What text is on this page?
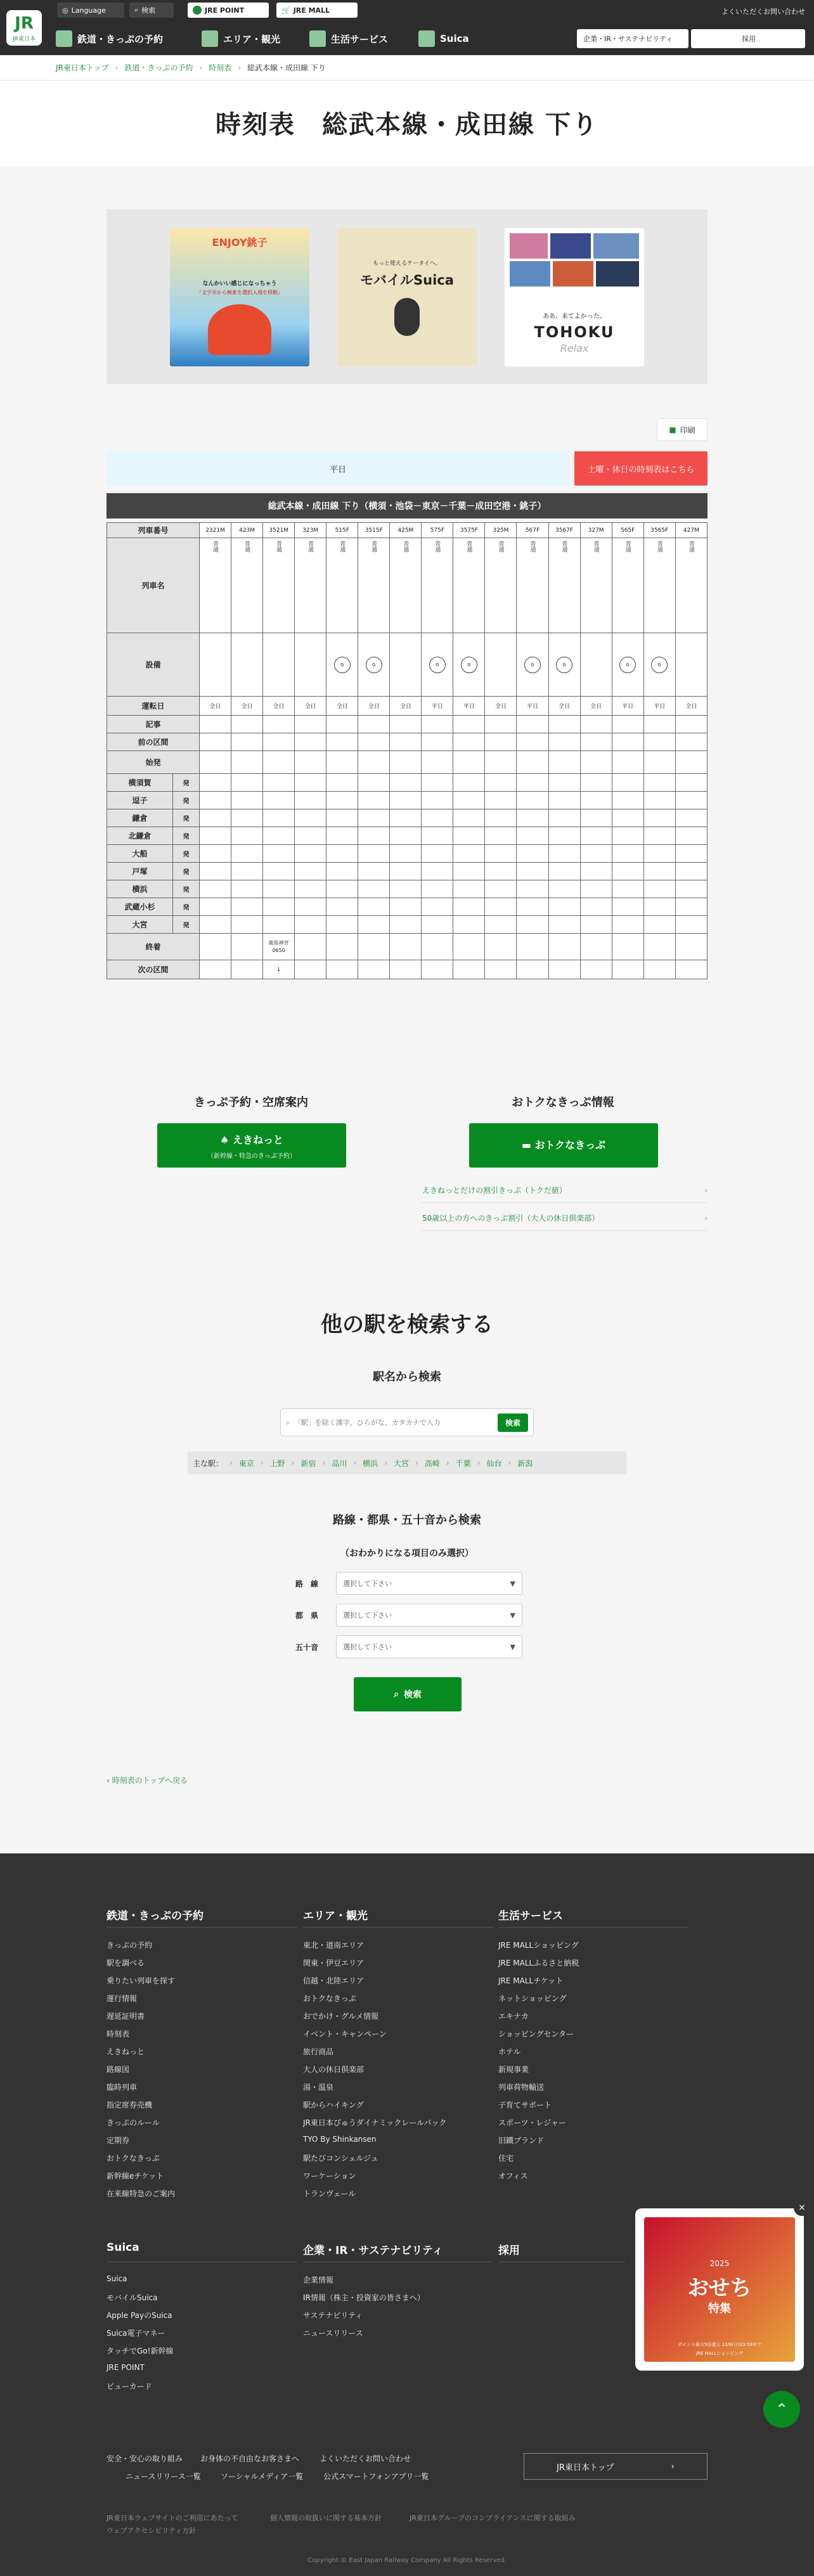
JR
JR東日本
◎ Language	⌕ 検索	JRE POINT	🛒 JRE MALL	よくいただくお問い合わせ
鉄道・きっぷの予約	エリア・観光	生活サービス	Suica	企業・IR・サステナビリティ	採用
JR東日本トップ › 鉄道・きっぷの予約 › 時刻表 › 総武本線・成田線 下り
時刻表　総武本線・成田線 下り
ENJOY銚子
なんかいい感じになっちゃう
「文字市から検索を選択入場を移動」
もっと使えるケータイへ。
モバイルSuica
ああ、来てよかった。
TOHOKU
Relax
■ 印刷
平日	土曜・休日の時刻表はこちら
総武本線・成田線 下り（横須・池袋－東京－千葉－成田空港・銚子）
列車番号		2321M	423M	3521M	323M	515F	3515F	425M	575F	3575F	325M	567F	3567F	327M	565F	3565F	427M
列車名		普通	普通	普通	普通	普通	普通	普通	普通	普通	普通	普通	普通	普通	普通	普通	普通
設備						G	G		G	G		G	G		G	G	
運転日		全日	全日	全日	全日	全日	全日	全日	平日	平日	全日	平日	全日	全日	平日	平日	全日
記事																	
前の区間																	
始発																	
横須賀	発																
逗子	発																
鎌倉	発																
北鎌倉	発																
大船	発																
戸塚	発																
横浜	発																
武蔵小杉	発																
大宮	発																
終着				鹿島神宮
0650													

次の区間				↓													
きっぷ予約・空席案内	おトクなきっぷ情報
♠ えきねっと
（新幹線・特急のきっぷ予約）
▬ おトクなきっぷ
えきねっとだけの割引きっぷ（トクだ値）	›
50歳以上の方へのきっぷ割引（大人の休日倶楽部）	›
他の駅を検索する
駅名から検索
⌕
「駅」を除く漢字、ひらがな、カタカナで入力	検索
主な駅： › 東京 › 上野 › 新宿 › 品川 › 横浜 › 大宮 › 高崎 › 千葉 › 仙台 › 新潟
路線・都県・五十音から検索
（おわかりになる項目のみ選択）
路　線	選択して下さい	▼
都　県	選択して下さい	▼
五十音	選択して下さい	▼
⌕ 検索
‹ 時刻表のトップへ戻る
鉄道・きっぷの予約	エリア・観光	生活サービス
Suica	企業・IR・サステナビリティ	採用
安全・安心の取り組み お身体の不自由なお客さまへ	よくいただくお問い合わせ
ニュースリリース一覧	ソーシャルメディア一覧	公式スマートフォンアプリ一覧
JR東日本ウェブサイトのご利用にあたって	個人情報の取扱いに関する基本方針	JR東日本グループのコンプライアンスに関する取組み
ウェブアクセシビリティ方針
きっぷの予約
駅を調べる
乗りたい列車を探す
運行情報
遅延証明書
時刻表
えきねっと
路線図
臨時列車
指定席券売機
きっぷのルール
定期券
おトクなきっぷ
新幹線eチケット
在来線特急のご案内
東北・道南エリア
関東・伊豆エリア
信越・北陸エリア
おトクなきっぷ
おでかけ・グルメ情報
イベント・キャンペーン
旅行商品
大人の休日倶楽部
湯・温泉
駅からハイキング
JR東日本びゅうダイナミックレールパック
TYO By Shinkansen
駅たびコンシェルジュ
ワーケーション
トランヴェール
JRE MALLショッピング
JRE MALLふるさと納税
JRE MALLチケット
ネットショッピング
エキナカ
ショッピングセンター
ホテル
新規事業
列車荷物輸送
子育てサポート
スポーツ・レジャー
旧鐵ブランド
住宅
オフィス
Suica
モバイルSuica
Apple PayのSuica
Suica電子マネー
タッチでGo!新幹線
JRE POINT
ビューカード
企業情報
IR情報（株主・投資家の皆さまへ）
サステナビリティ
ニュースリリース
JR東日本トップ	›
Copyright © East Japan Railway Company All Rights Reserved.
2025
おせち
特集
ポイント最大5倍還元 12/8(日)23:59まで
JRE MALLショッピング
×
⌃
